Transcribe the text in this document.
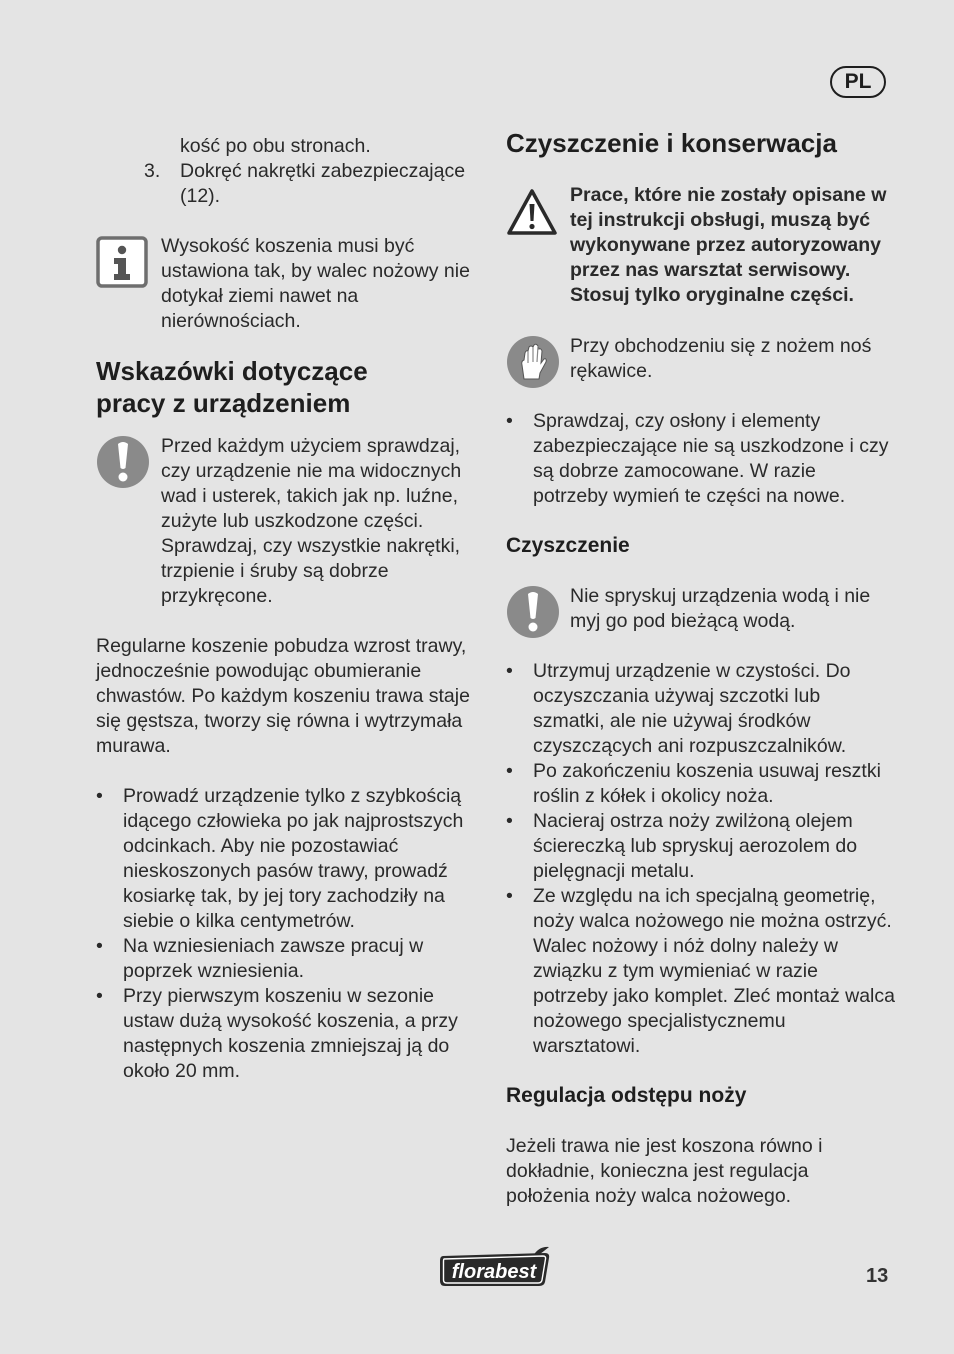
PL
kość po obu stronach.
3. Dokręć nakrętki zabezpieczające (12).
Wysokość koszenia musi być ustawiona tak, by walec nożowy nie dotykał ziemi nawet na nierównościach.
Wskazówki dotyczące
pracy z urządzeniem
Przed każdym użyciem sprawdzaj, czy urządzenie nie ma widocznych wad i usterek, takich jak np. luźne, zużyte lub uszkodzone części. Sprawdzaj, czy wszystkie nakrętki, trzpienie i śruby są dobrze przykręcone.
Regularne koszenie pobudza wzrost trawy, jednocześnie powodując obumieranie chwastów. Po każdym koszeniu trawa staje się gęstsza, tworzy się równa i wytrzymała murawa.
• Prowadź urządzenie tylko z szybkością idącego człowieka po jak najprostszych odcinkach. Aby nie pozostawiać nieskoszonych pasów trawy, prowadź kosiarkę tak, by jej tory zachodziły na siebie o kilka centymetrów.
• Na wzniesieniach zawsze pracuj w poprzek wzniesienia.
• Przy pierwszym koszeniu w sezonie ustaw dużą wysokość koszenia, a przy następnych koszenia zmniejszaj ją do około 20 mm.
Czyszczenie i konserwacja
Prace, które nie zostały opisane w tej instrukcji obsługi, muszą być wykonywane przez autoryzowany przez nas warsztat serwisowy. Stosuj tylko oryginalne części.
Przy obchodzeniu się z nożem noś rękawice.
• Sprawdzaj, czy osłony i elementy zabezpieczające nie są uszkodzone i czy są dobrze zamocowane. W razie potrzeby wymień te części na nowe.
Czyszczenie
Nie spryskuj urządzenia wodą i nie myj go pod bieżącą wodą.
• Utrzymuj urządzenie w czystości. Do oczyszczania używaj szczotki lub szmatki, ale nie używaj środków czyszczących ani rozpuszczalników.
• Po zakończeniu koszenia usuwaj resztki roślin z kółek i okolicy noża.
• Nacieraj ostrza noży zwilżoną olejem ściereczką lub spryskuj aerozolem do pielęgnacji metalu.
• Ze względu na ich specjalną geometrię, noży walca nożowego nie można ostrzyć. Walec nożowy i nóż dolny należy w związku z tym wymieniać w razie potrzeby jako komplet. Zleć montaż walca nożowego specjalistycznemu warsztatowi.
Regulacja odstępu noży
Jeżeli trawa nie jest koszona równo i dokładnie, konieczna jest regulacja położenia noży walca nożowego.
florabest	13
